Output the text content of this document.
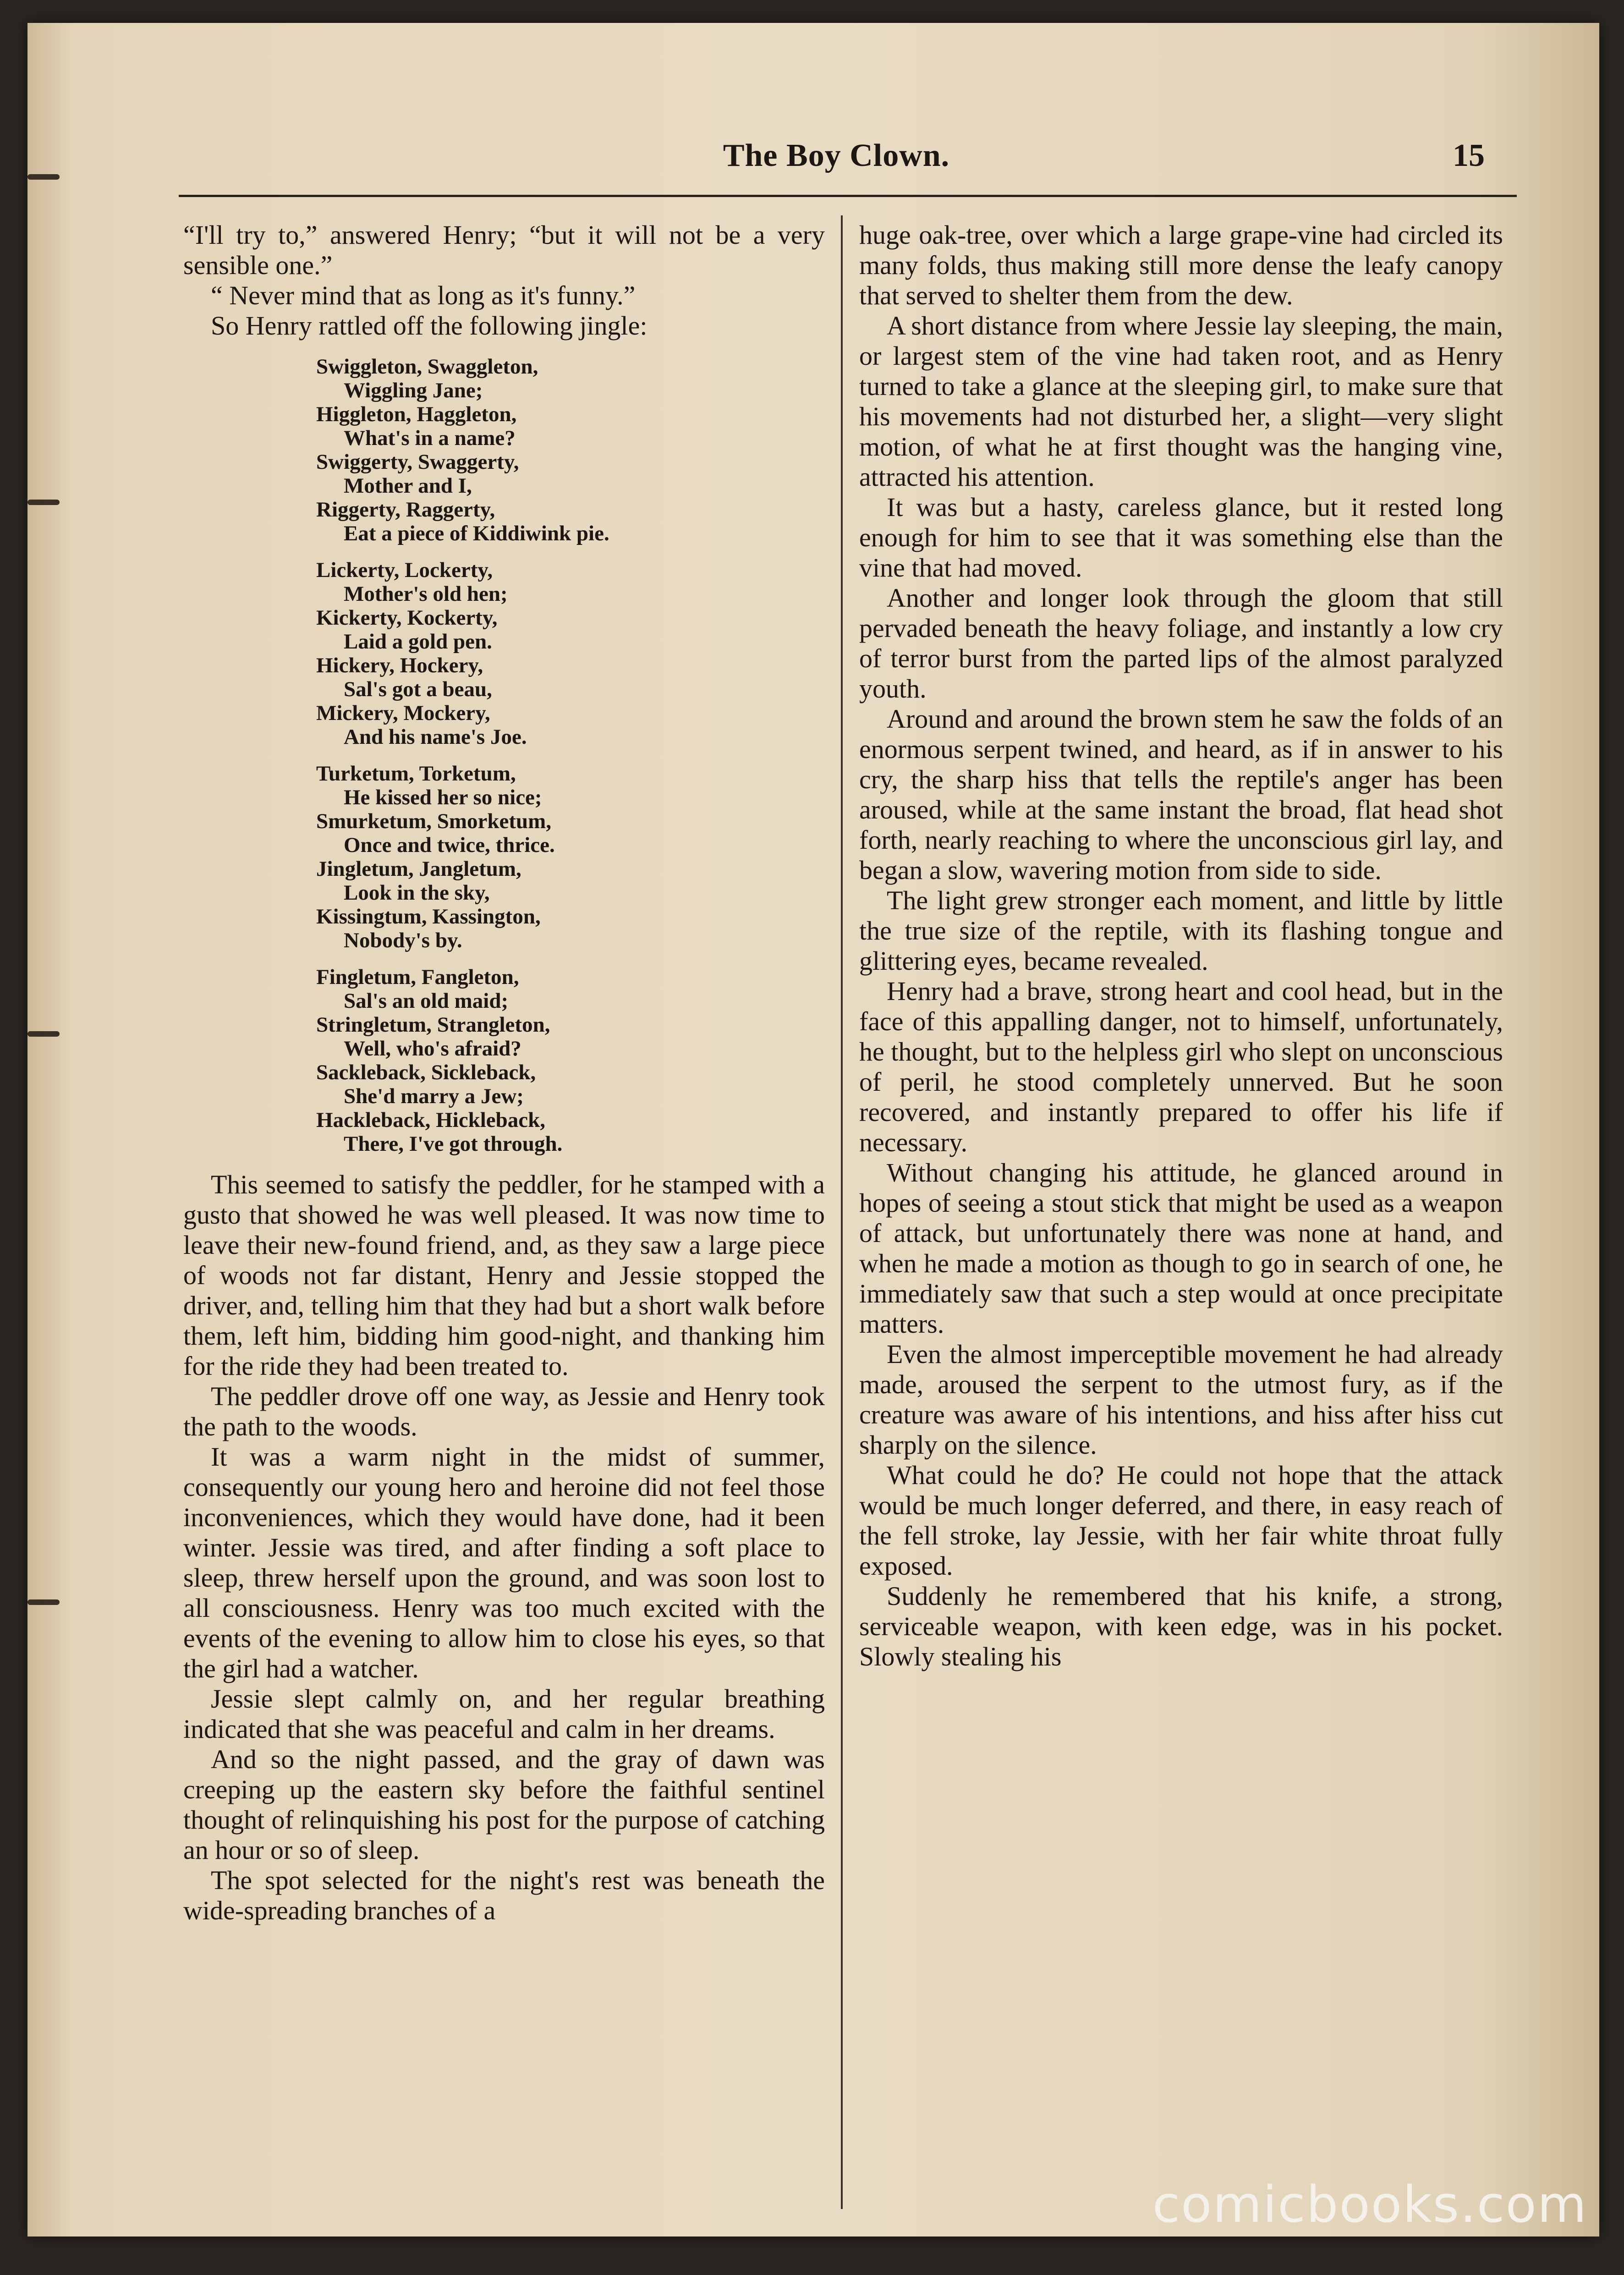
The Boy Clown.	15

“I'll try to,” answered Henry; “but it will not be a very sensible one.”

“ Never mind that as long as it's funny.”

So Henry rattled off the following jingle:

Swiggleton, Swaggleton,
Wiggling Jane;
Higgleton, Haggleton,
What's in a name?
Swiggerty, Swaggerty,
Mother and I,
Riggerty, Raggerty,
Eat a piece of Kiddiwink pie.
Lickerty, Lockerty,
Mother's old hen;
Kickerty, Kockerty,
Laid a gold pen.
Hickery, Hockery,
Sal's got a beau,
Mickery, Mockery,
And his name's Joe.
Turketum, Torketum,
He kissed her so nice;
Smurketum, Smorketum,
Once and twice, thrice.
Jingletum, Jangletum,
Look in the sky,
Kissingtum, Kassington,
Nobody's by.
Fingletum, Fangleton,
Sal's an old maid;
Stringletum, Strangleton,
Well, who's afraid?
Sackleback, Sickleback,
She'd marry a Jew;
Hackleback, Hickleback,
There, I've got through.

This seemed to satisfy the peddler, for he stamped with a gusto that showed he was well pleased. It was now time to leave their new-found friend, and, as they saw a large piece of woods not far distant, Henry and Jessie stopped the driver, and, telling him that they had but a short walk before them, left him, bidding him good-night, and thanking him for the ride they had been treated to.

The peddler drove off one way, as Jessie and Henry took the path to the woods.

It was a warm night in the midst of summer, consequently our young hero and heroine did not feel those inconveniences, which they would have done, had it been winter. Jessie was tired, and after finding a soft place to sleep, threw herself upon the ground, and was soon lost to all consciousness. Henry was too much excited with the events of the evening to allow him to close his eyes, so that the girl had a watcher.

Jessie slept calmly on, and her regular breathing indicated that she was peaceful and calm in her dreams.

And so the night passed, and the gray of dawn was creeping up the eastern sky before the faithful sentinel thought of relinquishing his post for the purpose of catching an hour or so of sleep.

The spot selected for the night's rest was beneath the wide-spreading branches of a

huge oak-tree, over which a large grape-vine had circled its many folds, thus making still more dense the leafy canopy that served to shelter them from the dew.

A short distance from where Jessie lay sleeping, the main, or largest stem of the vine had taken root, and as Henry turned to take a glance at the sleeping girl, to make sure that his movements had not disturbed her, a slight—very slight motion, of what he at first thought was the hanging vine, attracted his attention.

It was but a hasty, careless glance, but it rested long enough for him to see that it was something else than the vine that had moved.

Another and longer look through the gloom that still pervaded beneath the heavy foliage, and instantly a low cry of terror burst from the parted lips of the almost paralyzed youth.

Around and around the brown stem he saw the folds of an enormous serpent twined, and heard, as if in answer to his cry, the sharp hiss that tells the reptile's anger has been aroused, while at the same instant the broad, flat head shot forth, nearly reaching to where the unconscious girl lay, and began a slow, wavering motion from side to side.

The light grew stronger each moment, and little by little the true size of the reptile, with its flashing tongue and glittering eyes, became revealed.

Henry had a brave, strong heart and cool head, but in the face of this appalling danger, not to himself, unfortunately, he thought, but to the helpless girl who slept on unconscious of peril, he stood completely unnerved. But he soon recovered, and instantly prepared to offer his life if necessary.

Without changing his attitude, he glanced around in hopes of seeing a stout stick that might be used as a weapon of attack, but unfortunately there was none at hand, and when he made a motion as though to go in search of one, he immediately saw that such a step would at once precipitate matters.

Even the almost imperceptible movement he had already made, aroused the serpent to the utmost fury, as if the creature was aware of his intentions, and hiss after hiss cut sharply on the silence.

What could he do? He could not hope that the attack would be much longer deferred, and there, in easy reach of the fell stroke, lay Jessie, with her fair white throat fully exposed.

Suddenly he remembered that his knife, a strong, serviceable weapon, with keen edge, was in his pocket. Slowly stealing his

comicbooks.com
